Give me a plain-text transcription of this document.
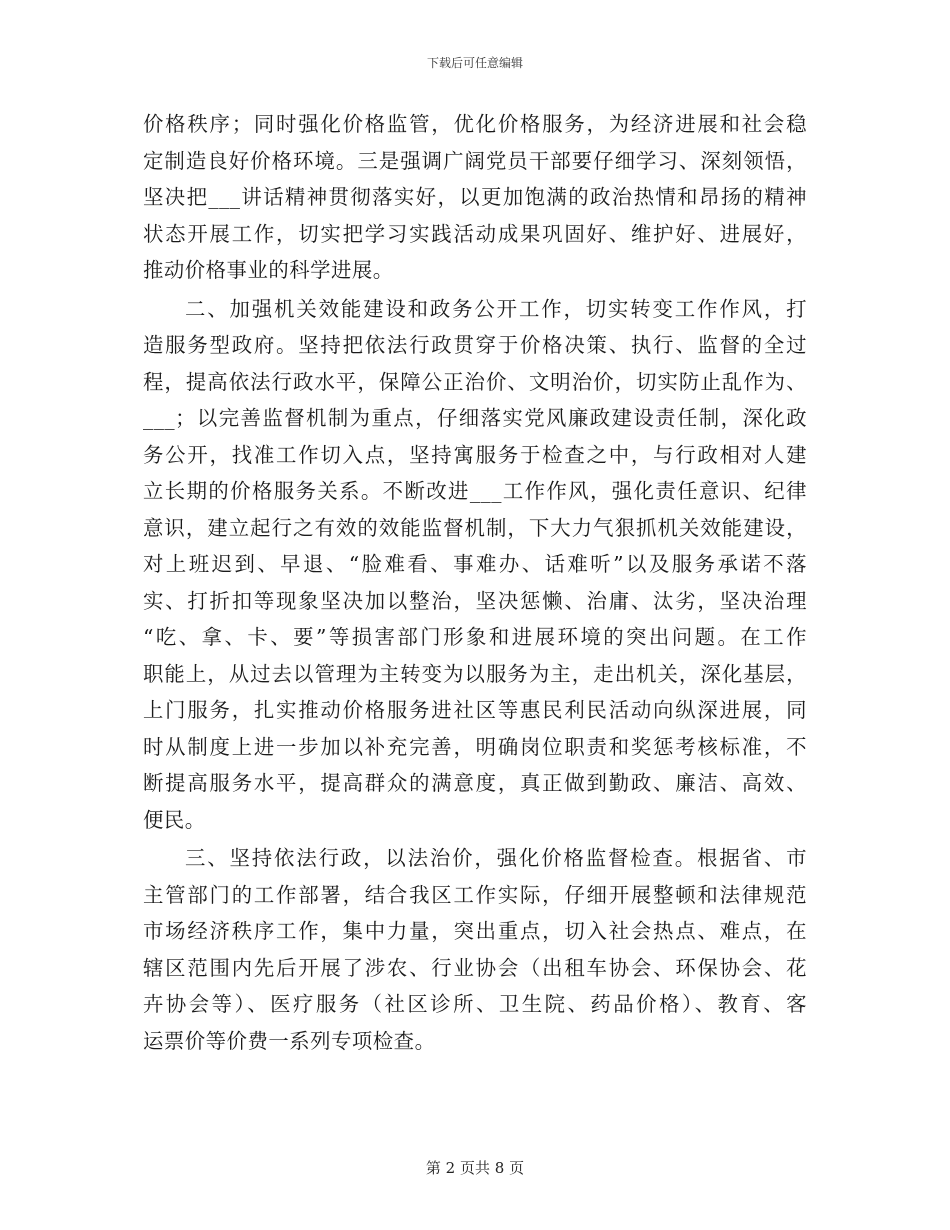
下载后可任意编辑
价格秩序；同时强化价格监管，优化价格服务，为经济进展和社会稳
定制造良好价格环境。三是强调广阔党员干部要仔细学习、深刻领悟，
坚决把___讲话精神贯彻落实好，以更加饱满的政治热情和昂扬的精神
状态开展工作，切实把学习实践活动成果巩固好、维护好、进展好，
推动价格事业的科学进展。
二、加强机关效能建设和政务公开工作，切实转变工作作风，打
造服务型政府。坚持把依法行政贯穿于价格决策、执行、监督的全过
程，提高依法行政水平，保障公正治价、文明治价，切实防止乱作为、
___；以完善监督机制为重点，仔细落实党风廉政建设责任制，深化政
务公开，找准工作切入点，坚持寓服务于检查之中，与行政相对人建
立长期的价格服务关系。不断改进___工作作风，强化责任意识、纪律
意识，建立起行之有效的效能监督机制，下大力气狠抓机关效能建设，
对上班迟到、早退、“脸难看、事难办、话难听”以及服务承诺不落
实、打折扣等现象坚决加以整治，坚决惩懒、治庸、汰劣，坚决治理
“吃、拿、卡、要”等损害部门形象和进展环境的突出问题。在工作
职能上，从过去以管理为主转变为以服务为主，走出机关，深化基层，
上门服务，扎实推动价格服务进社区等惠民利民活动向纵深进展，同
时从制度上进一步加以补充完善，明确岗位职责和奖惩考核标准，不
断提高服务水平，提高群众的满意度，真正做到勤政、廉洁、高效、
便民。
三、坚持依法行政，以法治价，强化价格监督检查。根据省、市
主管部门的工作部署，结合我区工作实际，仔细开展整顿和法律规范
市场经济秩序工作，集中力量，突出重点，切入社会热点、难点，在
辖区范围内先后开展了涉农、行业协会（出租车协会、环保协会、花
卉协会等）、医疗服务（社区诊所、卫生院、药品价格）、教育、客
运票价等价费一系列专项检查。
第 2 页共 8 页
